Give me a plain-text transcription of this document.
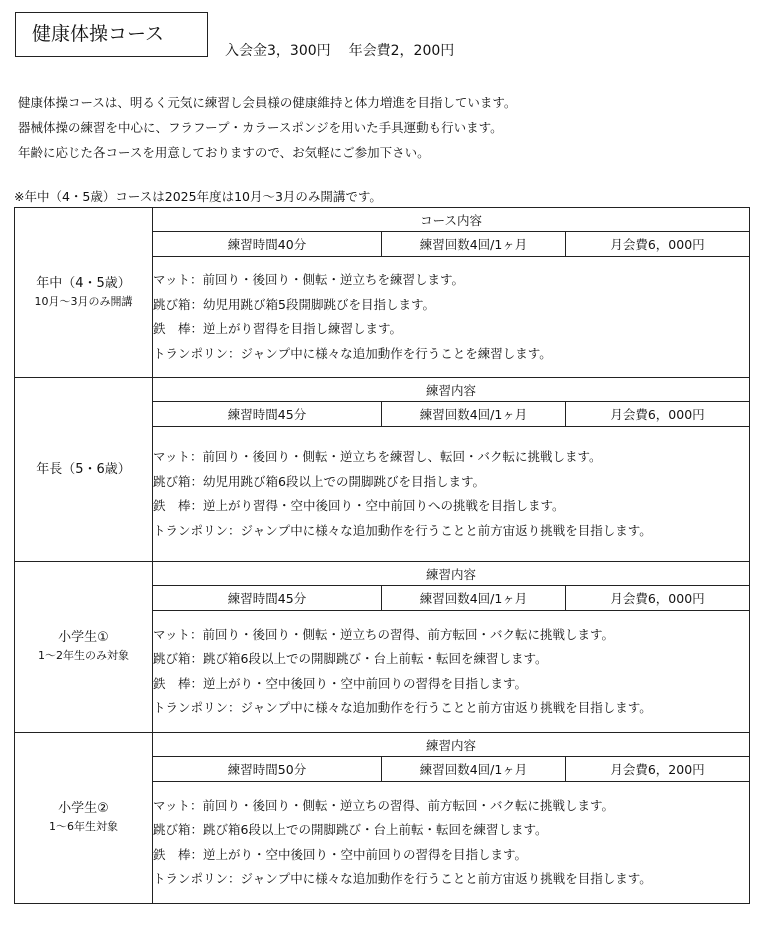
健康体操コース
入会金3，300円 年会費2，200円
健康体操コースは、明るく元気に練習し会員様の健康維持と体力増進を目指しています。
器械体操の練習を中心に、フラフープ・カラースポンジを用いた手具運動も行います。
年齢に応じた各コースを用意しておりますので、お気軽にご参加下さい。
※年中（4・5歳）コースは2025年度は10月～3月のみ開講です。
年中（4・5歳）
10月～3月のみ開講	コース内容		
	練習時間40分	練習回数4回/1ヶ月	月会費6，000円

	マット：前回り・後回り・側転・逆立ちを練習します。
跳び箱：幼児用跳び箱5段開脚跳びを目指します。
鉄　棒：逆上がり習得を目指し練習します。
トランポリン：ジャンプ中に様々な追加動作を行うことを練習します。		

年長（5・6歳）	練習内容		
	練習時間45分	練習回数4回/1ヶ月	月会費6，000円

	マット：前回り・後回り・側転・逆立ちを練習し、転回・バク転に挑戦します。
跳び箱：幼児用跳び箱6段以上での開脚跳びを目指します。
鉄　棒：逆上がり習得・空中後回り・空中前回りへの挑戦を目指します。
トランポリン：ジャンプ中に様々な追加動作を行うことと前方宙返り挑戦を目指します。		

小学生①
1～2年生のみ対象	練習内容		
	練習時間45分	練習回数4回/1ヶ月	月会費6，000円

	マット：前回り・後回り・側転・逆立ちの習得、前方転回・バク転に挑戦します。
跳び箱：跳び箱6段以上での開脚跳び・台上前転・転回を練習します。
鉄　棒：逆上がり・空中後回り・空中前回りの習得を目指します。
トランポリン：ジャンプ中に様々な追加動作を行うことと前方宙返り挑戦を目指します。		

小学生②
1～6年生対象	練習内容		
	練習時間50分	練習回数4回/1ヶ月	月会費6，200円

	マット：前回り・後回り・側転・逆立ちの習得、前方転回・バク転に挑戦します。
跳び箱：跳び箱6段以上での開脚跳び・台上前転・転回を練習します。
鉄　棒：逆上がり・空中後回り・空中前回りの習得を目指します。
トランポリン：ジャンプ中に様々な追加動作を行うことと前方宙返り挑戦を目指します。		
